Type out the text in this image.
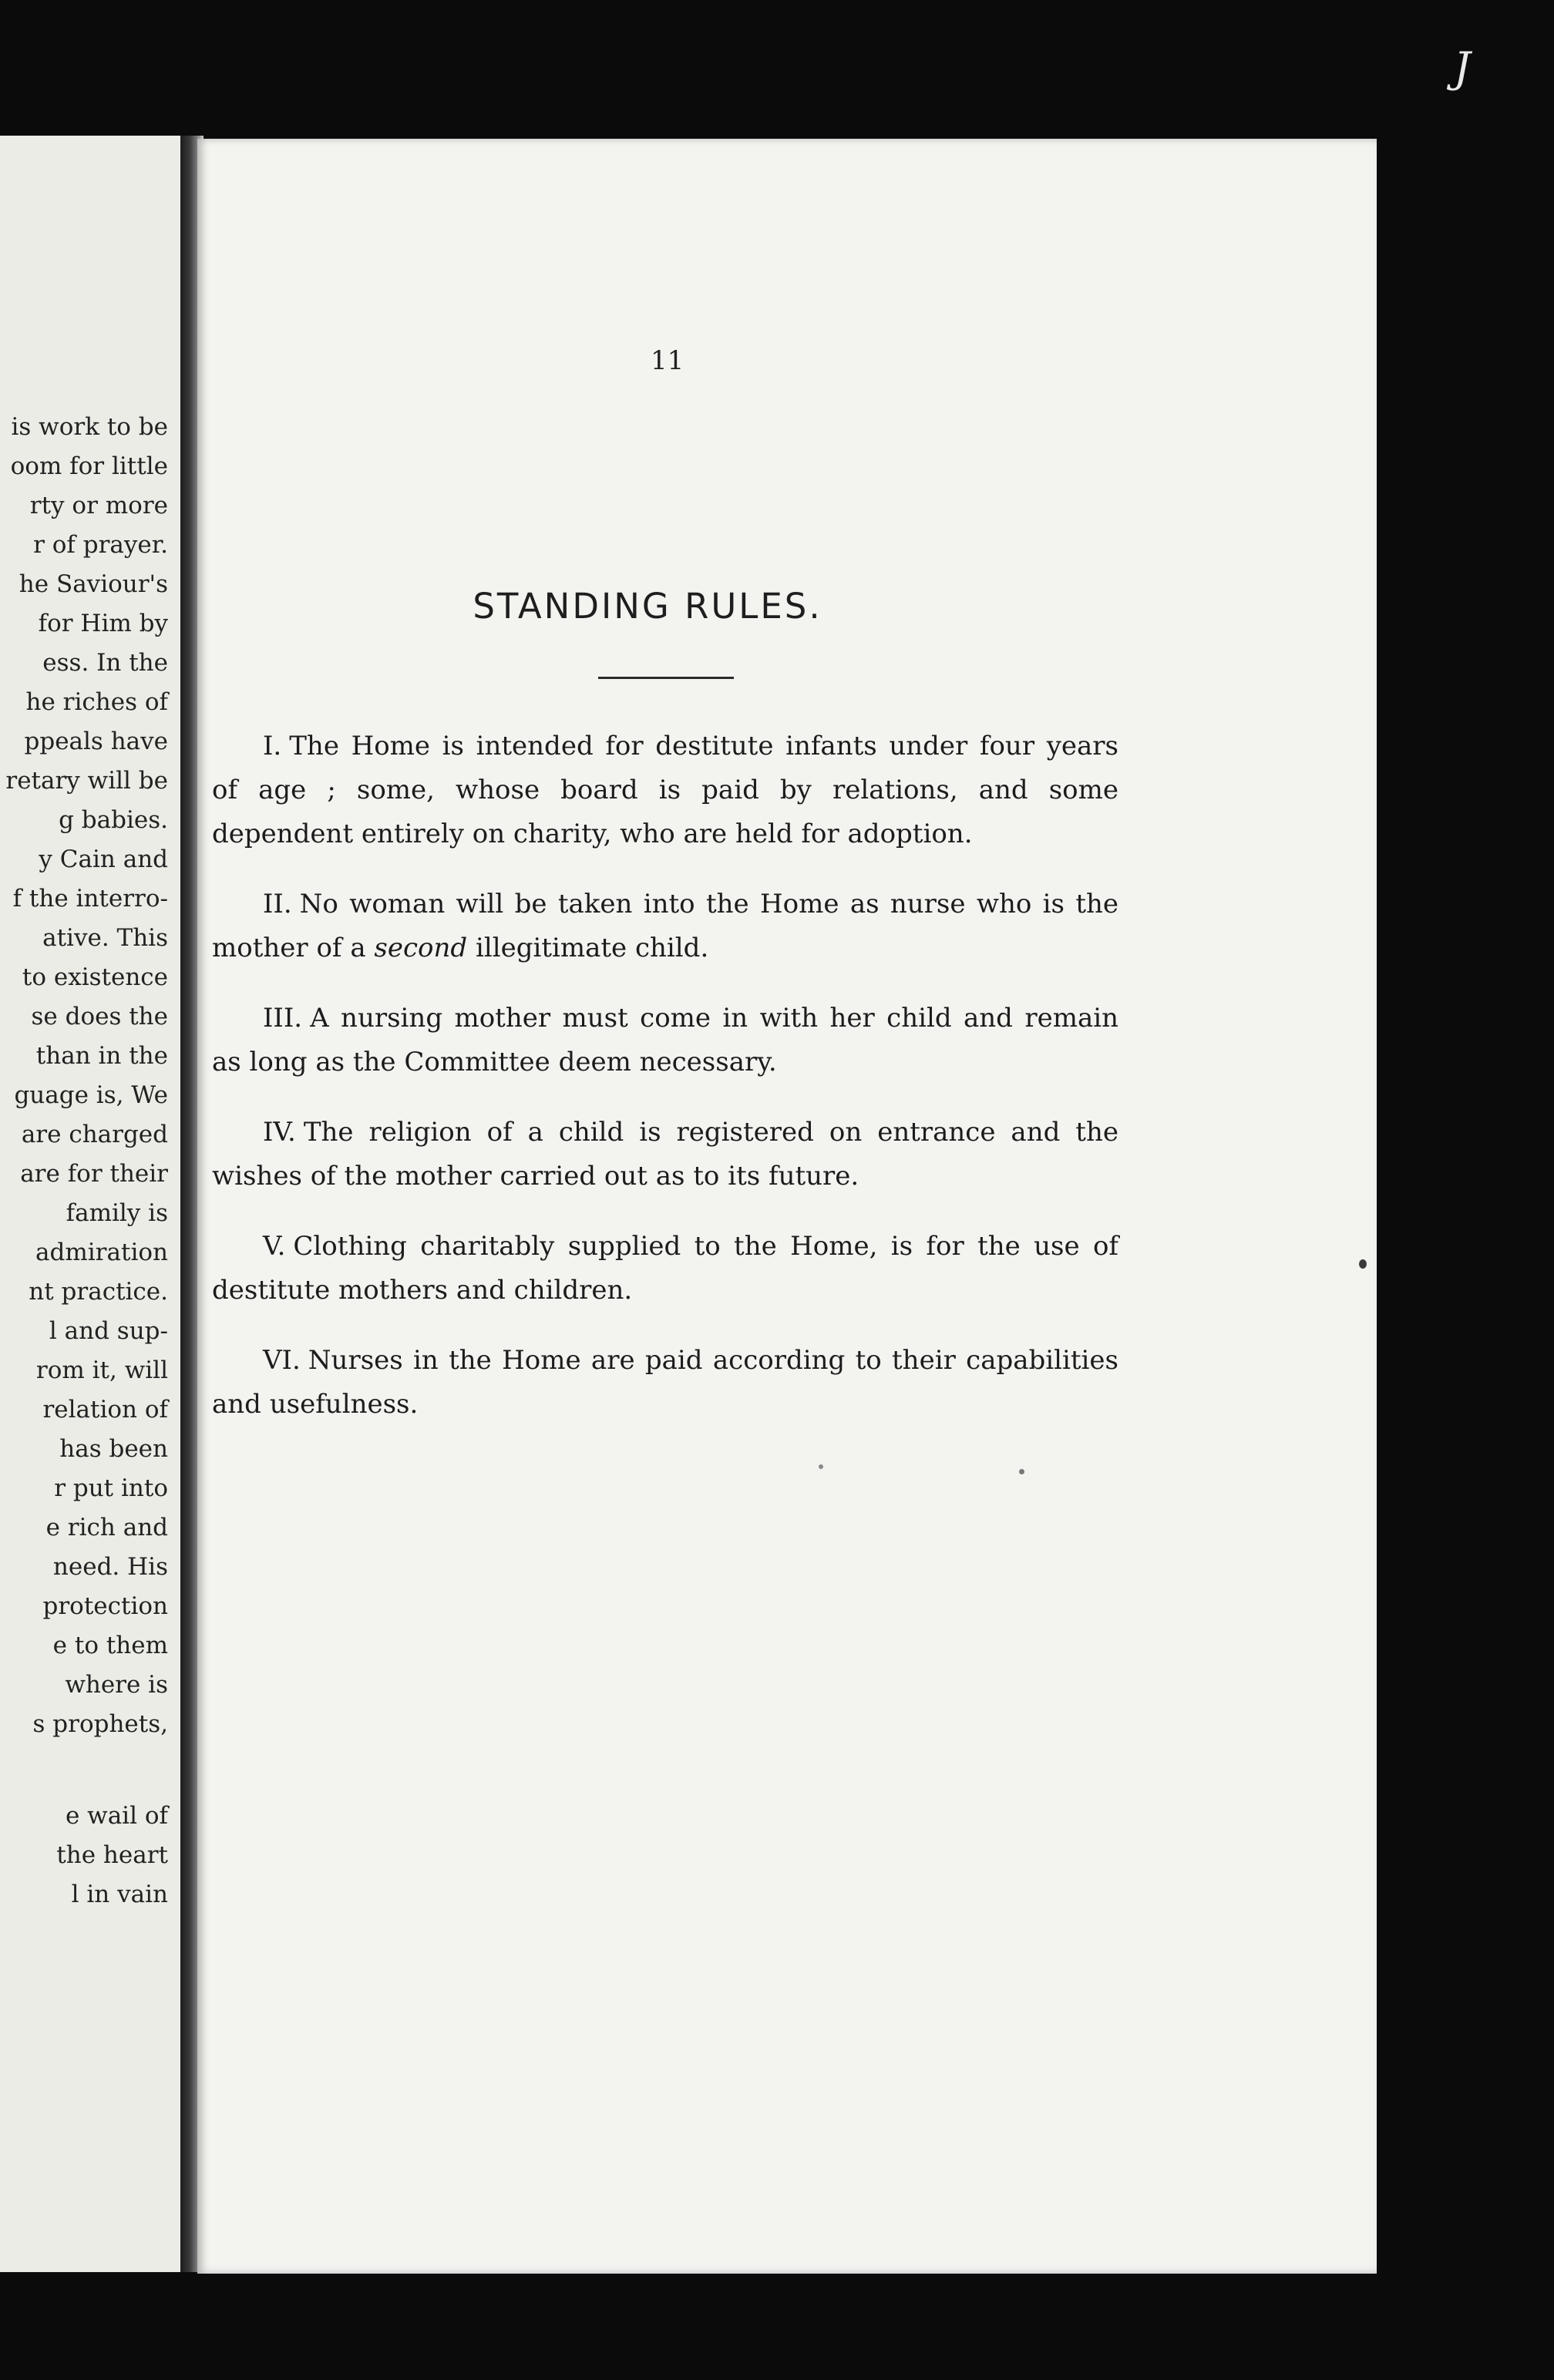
J
is work to be
oom for little
rty or more
r of prayer.
he Saviour's
for Him by
ess. In the
he riches of
ppeals have
retary will be
g babies.
y Cain and
f the interro-
ative. This
to existence
se does the
than in the
guage is, We
are charged
are for their
family is
admiration
nt practice.
l and sup-
rom it, will
relation of
has been
r put into
e rich and
need. His
protection
e to them
where is
s prophets,
e wail of
the heart
l in vain
11
STANDING RULES.

I. The Home is intended for destitute infants under four years of age ; some, whose board is paid by relations, and some dependent entirely on charity, who are held for adoption.

II. No woman will be taken into the Home as nurse who is the mother of a second illegitimate child.

III. A nursing mother must come in with her child and remain as long as the Committee deem necessary.

IV. The religion of a child is registered on entrance and the wishes of the mother carried out as to its future.

V. Clothing charitably supplied to the Home, is for the use of destitute mothers and children.

VI. Nurses in the Home are paid according to their capabilities and usefulness.
